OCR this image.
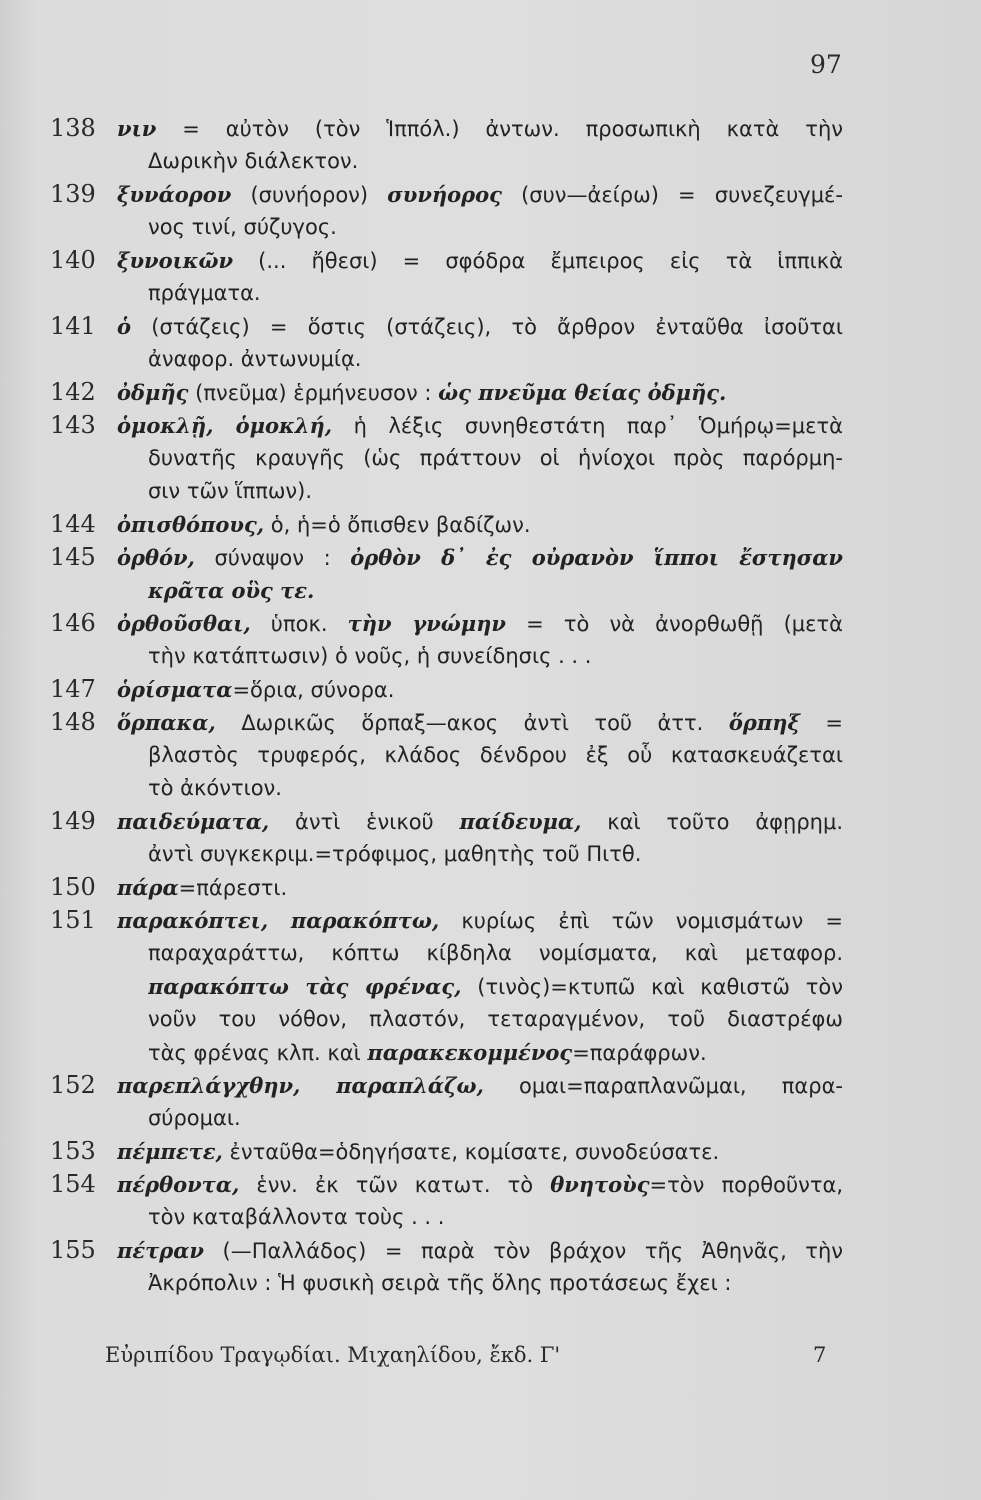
97
138	νιν = αὐτὸν (τὸν Ἱππόλ.) ἀντων. προσωπικὴ κατὰ τὴν
Δωρικὴν διάλεκτον.
139	ξυνάορον (συνήορον) συνήορος (συν—ἀείρω) = συνεζευγμέ-
νος τινί, σύζυγος.
140	ξυνοικῶν (... ἤθεσι) = σφόδρα ἔμπειρος εἰς τὰ ἱππικὰ
πράγματα.
141	ὁ (στάζεις) = ὅστις (στάζεις), τὸ ἄρθρον ἐνταῦθα ἰσοῦται
ἀναφορ. ἀντωνυμίᾳ.
142	ὀδμῆς (πνεῦμα) ἑρμήνευσον : ὡς πνεῦμα θείας ὀδμῆς.
143	ὁμοκλῇ, ὁμοκλή, ἡ λέξις συνηθεστάτη παρ᾽ Ὁμήρῳ=μετὰ
δυνατῆς κραυγῆς (ὡς πράττουν οἱ ἡνίοχοι πρὸς παρόρμη-
σιν τῶν ἵππων).
144	ὀπισθόπους, ὁ, ἡ=ὁ ὄπισθεν βαδίζων.
145	ὀρθόν, σύναψον : ὀρθὸν δ᾽ ἐς οὐρανὸν ἵπποι ἔστησαν
κρᾶτα οὓς τε.
146	ὀρθοῦσθαι, ὑποκ. τὴν γνώμην = τὸ νὰ ἀνορθωθῇ (μετὰ
τὴν κατάπτωσιν) ὁ νοῦς, ἡ συνείδησις . . .
147	ὁρίσματα=ὅρια, σύνορα.
148	ὅρπακα, Δωρικῶς ὅρπαξ—ακος ἀντὶ τοῦ ἀττ. ὅρπηξ =
βλαστὸς τρυφερός, κλάδος δένδρου ἐξ οὗ κατασκευάζεται
τὸ ἀκόντιον.
149	παιδεύματα, ἀντὶ ἑνικοῦ παίδευμα, καὶ τοῦτο ἀφῃρημ.
ἀντὶ συγκεκριμ.=τρόφιμος, μαθητὴς τοῦ Πιτθ.
150	πάρα=πάρεστι.
151	παρακόπτει, παρακόπτω, κυρίως ἐπὶ τῶν νομισμάτων =
παραχαράττω, κόπτω κίβδηλα νομίσματα, καὶ μεταφορ.
παρακόπτω τὰς φρένας, (τινὸς)=κτυπῶ καὶ καθιστῶ τὸν
νοῦν του νόθον, πλαστόν, τεταραγμένον, τοῦ διαστρέφω
τὰς φρένας κλπ. καὶ παρακεκομμένος=παράφρων.
152	παρεπλάγχθην, παραπλάζω, ομαι=παραπλανῶμαι, παρα-
σύρομαι.
153	πέμπετε, ἐνταῦθα=ὁδηγήσατε, κομίσατε, συνοδεύσατε.
154	πέρθοντα, ἑνν. ἐκ τῶν κατωτ. τὸ θνητοὺς=τὸν πορθοῦντα,
τὸν καταβάλλοντα τοὺς . . .
155	πέτραν (—Παλλάδος) = παρὰ τὸν βράχον τῆς Ἀθηνᾶς, τὴν
Ἀκρόπολιν : Ἡ φυσικὴ σειρὰ τῆς ὅλης προτάσεως ἔχει :
Εὐριπίδου Τραγῳδίαι. Μιχαηλίδου, ἔκδ. Γ'	7
